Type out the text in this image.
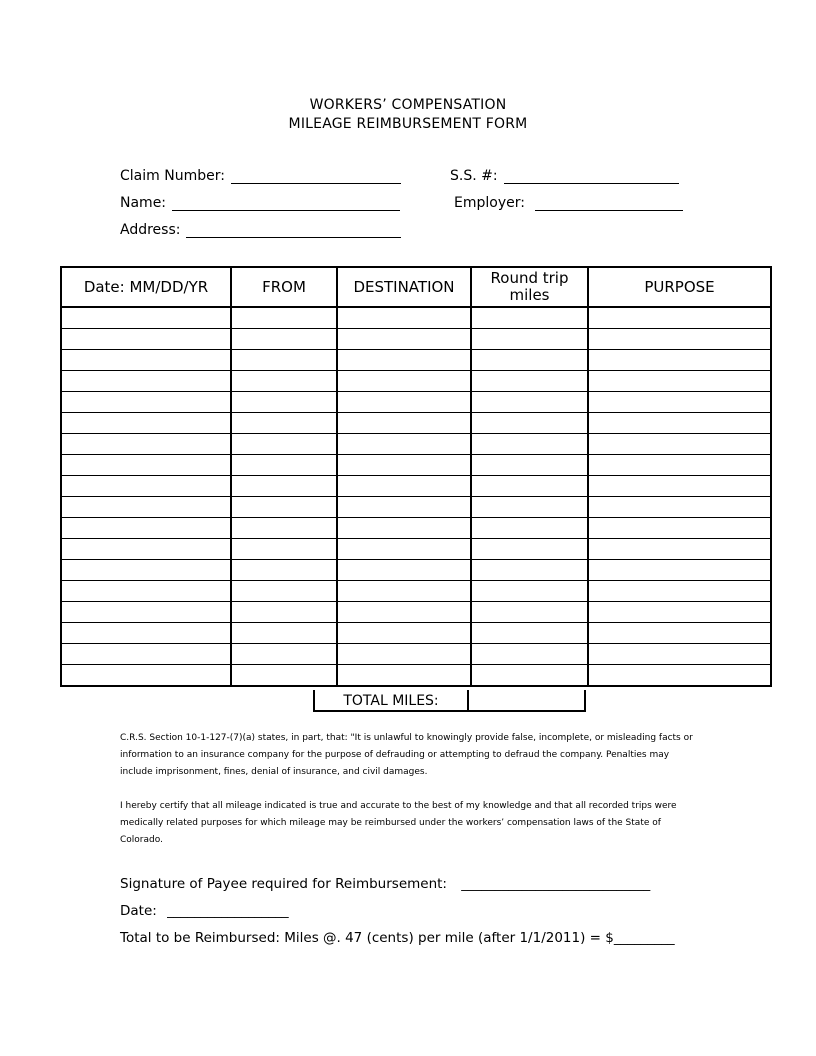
WORKERS’ COMPENSATION
MILEAGE REIMBURSEMENT FORM
Claim Number:	S.S. #:
Name:	Employer:
Address:
Date: MM/DD/YR	FROM	DESTINATION	Round trip miles	PURPOSE

TOTAL MILES:
C.R.S. Section 10-1-127-(7)(a) states, in part, that: "It is unlawful to knowingly provide false, incomplete, or misleading facts or information to an insurance company for the purpose of defrauding or attempting to defraud the company. Penalties may include imprisonment, fines, denial of insurance, and civil damages.
I hereby certify that all mileage indicated is true and accurate to the best of my knowledge and that all recorded trips were medically related purposes for which mileage may be reimbursed under the workers’ compensation laws of the State of Colorado.
Signature of Payee required for Reimbursement: ____________________________
Date: __________________
Total to be Reimbursed: Miles @. 47 (cents) per mile (after 1/1/2011) = $_________
